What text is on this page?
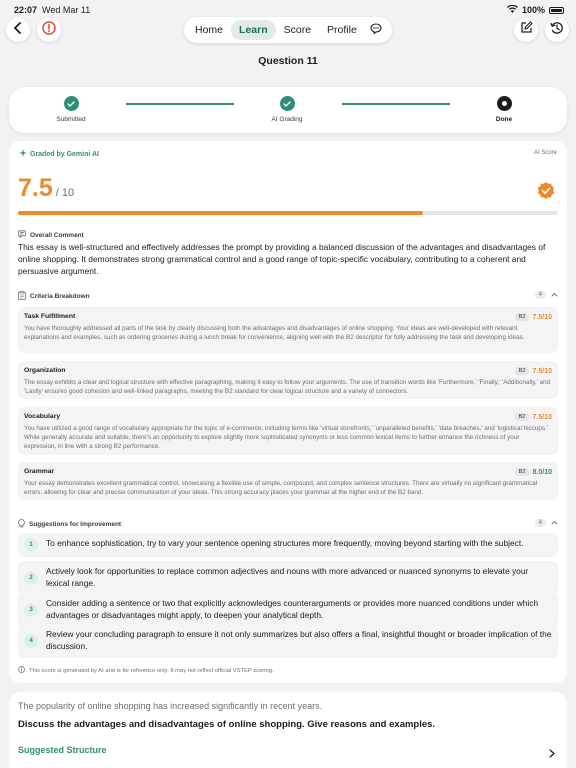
22:07 Wed Mar 11	100%
Home	Learn	Score	Profile
Question 11
Submitted	AI Grading	Done
Graded by Gemini AI	AI Score
7.5 / 10
Overall Comment
This essay is well-structured and effectively addresses the prompt by providing a balanced discussion of the advantages and disadvantages of online shopping. It demonstrates strong grammatical control and a good range of topic-specific vocabulary, contributing to a coherent and persuasive argument.
Criteria Breakdown	4
Task Fulfillment	B2	7.5/10
You have thoroughly addressed all parts of the task by clearly discussing both the advantages and disadvantages of online shopping. Your ideas are well-developed with relevant explanations and examples, such as ordering groceries during a lunch break for convenience, aligning well with the B2 descriptor for fully addressing the task and developing ideas.
Organization	B2	7.5/10
The essay exhibits a clear and logical structure with effective paragraphing, making it easy to follow your arguments. The use of transition words like 'Furthermore,' 'Finally,' 'Additionally,' and 'Lastly' ensures good cohesion and well-linked paragraphs, meeting the B2 standard for clear logical structure and a variety of connectors.
Vocabulary	B2	7.5/10
You have utilized a good range of vocabulary appropriate for the topic of e-commerce, including terms like 'virtual storefronts,' 'unparalleled benefits,' 'data breaches,' and 'logistical hiccups.' While generally accurate and suitable, there's an opportunity to explore slightly more sophisticated synonyms or less common lexical items to further enhance the richness of your expression, in line with a strong B2 performance.
Grammar	B2	8.0/10
Your essay demonstrates excellent grammatical control, showcasing a flexible use of simple, compound, and complex sentence structures. There are virtually no significant grammatical errors, allowing for clear and precise communication of your ideas. This strong accuracy places your grammar at the higher end of the B2 band.
Suggestions for Improvement	4
1	To enhance sophistication, try to vary your sentence opening structures more frequently, moving beyond starting with the subject.
2
Actively look for opportunities to replace common adjectives and nouns with more advanced or nuanced synonyms to elevate your lexical range.
3
Consider adding a sentence or two that explicitly acknowledges counterarguments or provides more nuanced conditions under which advantages or disadvantages might apply, to deepen your analytical depth.
4
Review your concluding paragraph to ensure it not only summarizes but also offers a final, insightful thought or broader implication of the discussion.
This score is generated by AI and is for reference only. It may not reflect official VSTEP scoring.
The popularity of online shopping has increased significantly in recent years.
Discuss the advantages and disadvantages of online shopping. Give reasons and examples.
Suggested Structure
